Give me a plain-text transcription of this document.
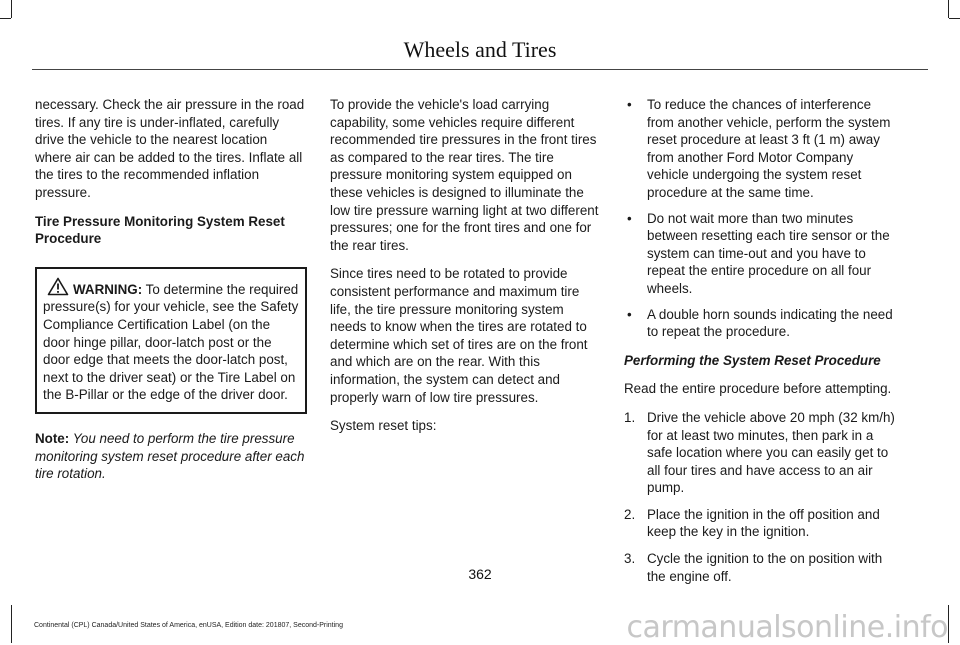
Wheels and Tires

necessary. Check the air pressure in the road tires. If any tire is under-inflated, carefully drive the vehicle to the nearest location where air can be added to the tires. Inflate all the tires to the recommended inflation pressure.

Tire Pressure Monitoring System Reset Procedure

WARNING: To determine the required pressure(s) for your vehicle, see the Safety Compliance Certification Label (on the door hinge pillar, door-latch post or the door edge that meets the door-latch post, next to the driver seat) or the Tire Label on the B-Pillar or the edge of the driver door.

Note: You need to perform the tire pressure monitoring system reset procedure after each tire rotation.

To provide the vehicle's load carrying capability, some vehicles require different recommended tire pressures in the front tires as compared to the rear tires. The tire pressure monitoring system equipped on these vehicles is designed to illuminate the low tire pressure warning light at two different pressures; one for the front tires and one for the rear tires.

Since tires need to be rotated to provide consistent performance and maximum tire life, the tire pressure monitoring system needs to know when the tires are rotated to determine which set of tires are on the front and which are on the rear. With this information, the system can detect and properly warn of low tire pressures.

System reset tips:

• To reduce the chances of interference from another vehicle, perform the system reset procedure at least 3 ft (1 m) away from another Ford Motor Company vehicle undergoing the system reset procedure at the same time.
• Do not wait more than two minutes between resetting each tire sensor or the system can time-out and you have to repeat the entire procedure on all four wheels.
• A double horn sounds indicating the need to repeat the procedure.

Performing the System Reset Procedure

Read the entire procedure before attempting.

1. Drive the vehicle above 20 mph (32 km/h) for at least two minutes, then park in a safe location where you can easily get to all four tires and have access to an air pump.
2. Place the ignition in the off position and keep the key in the ignition.
3. Cycle the ignition to the on position with the engine off.
362
Continental (CPL) Canada/United States of America, enUSA, Edition date: 201807, Second-Printing	carmanualsonline.info
